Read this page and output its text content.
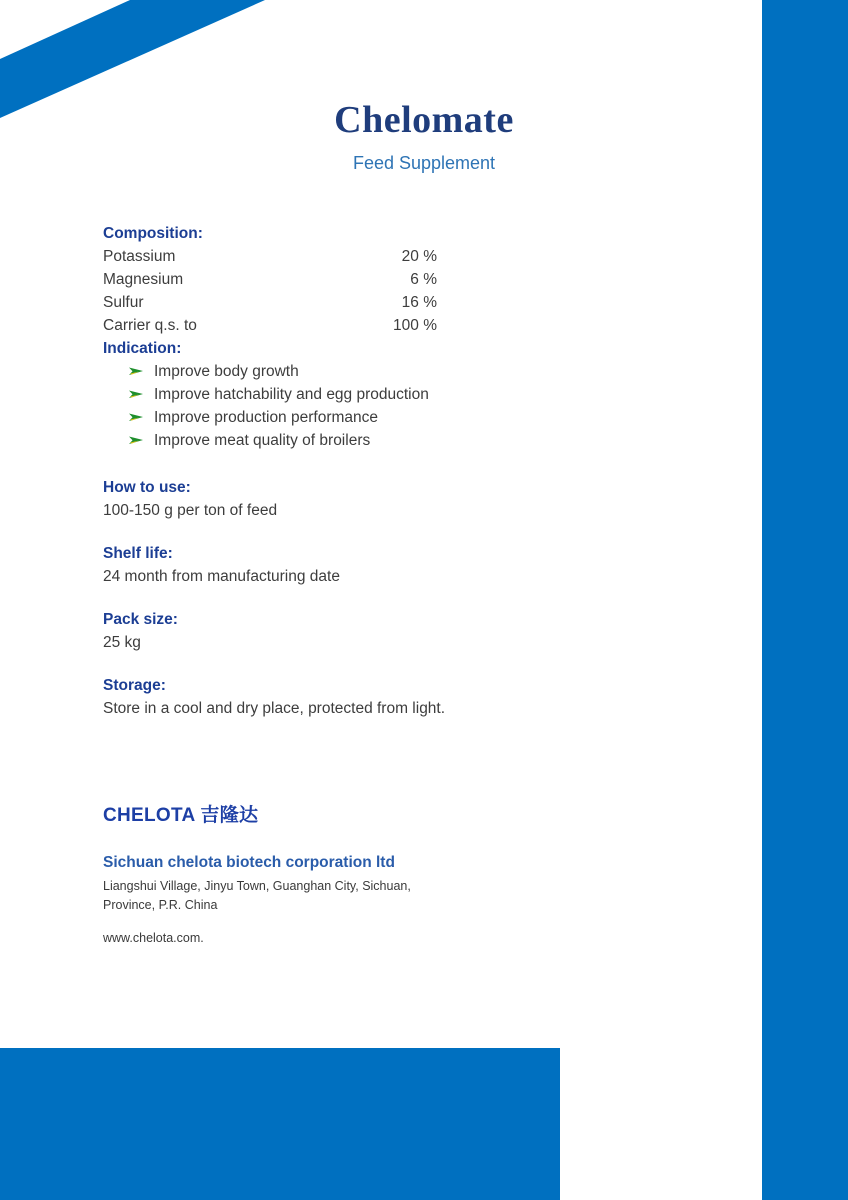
Chelomate
Feed Supplement
Composition:
Potassium	20 %
Magnesium	6 %
Sulfur	16 %
Carrier q.s. to	100 %
Indication:
Improve body growth
Improve hatchability and egg production
Improve production performance
Improve meat quality of broilers
How to use:

100-150 g per ton of feed

Shelf life:

24 month from manufacturing date

Pack size:

25 kg

Storage:

Store in a cool and dry place, protected from light.

CHELOTA 吉隆达
Sichuan chelota biotech corporation ltd
Liangshui Village, Jinyu Town, Guanghan City, Sichuan,
Province, P.R. China
www.chelota.com.
